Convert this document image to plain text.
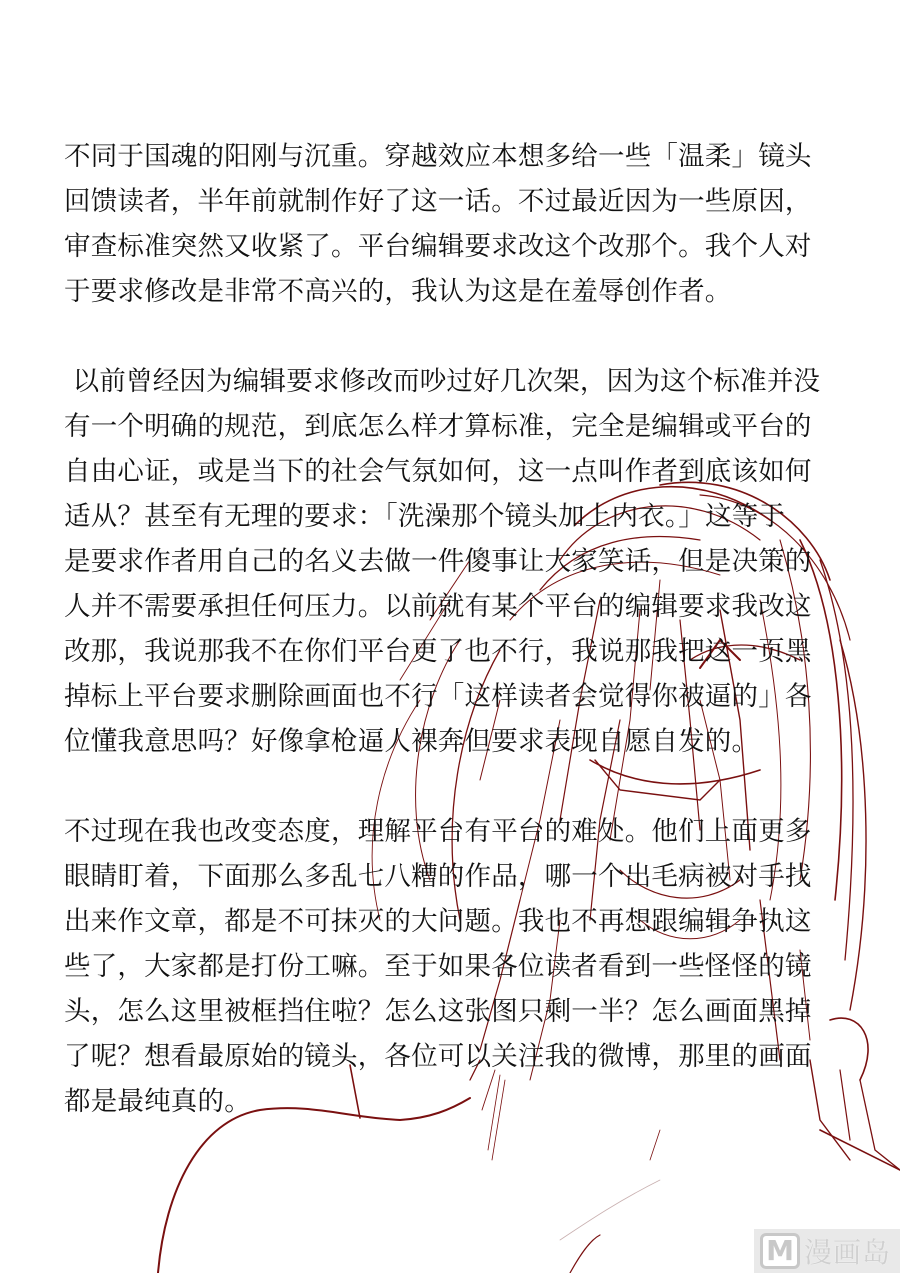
不同于国魂的阳刚与沉重。穿越效应本想多给一些「温柔」镜头
回馈读者，半年前就制作好了这一话。不过最近因为一些原因，
审查标准突然又收紧了。平台编辑要求改这个改那个。我个人对
于要求修改是非常不高兴的，我认为这是在羞辱创作者。

以前曾经因为编辑要求修改而吵过好几次架，因为这个标准并没
有一个明确的规范，到底怎么样才算标准，完全是编辑或平台的
自由心证，或是当下的社会气氛如何，这一点叫作者到底该如何
适从？甚至有无理的要求：「洗澡那个镜头加上内衣。」这等于
是要求作者用自己的名义去做一件傻事让大家笑话，但是决策的
人并不需要承担任何压力。以前就有某个平台的编辑要求我改这
改那，我说那我不在你们平台更了也不行，我说那我把这一页黑
掉标上平台要求删除画面也不行「这样读者会觉得你被逼的」各
位懂我意思吗？好像拿枪逼人裸奔但要求表现自愿自发的。

不过现在我也改变态度，理解平台有平台的难处。他们上面更多
眼睛盯着，下面那么多乱七八糟的作品，哪一个出毛病被对手找
出来作文章，都是不可抹灭的大问题。我也不再想跟编辑争执这
些了，大家都是打份工嘛。至于如果各位读者看到一些怪怪的镜
头，怎么这里被框挡住啦？怎么这张图只剩一半？怎么画面黑掉
了呢？想看最原始的镜头，各位可以关注我的微博，那里的画面
都是最纯真的。

M 漫画岛
